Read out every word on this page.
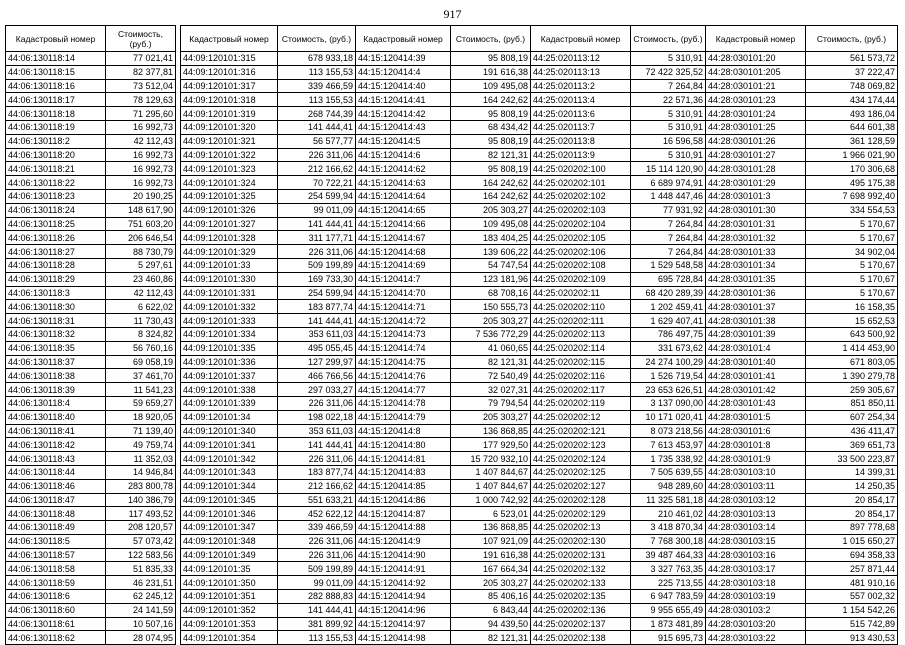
917
Кадастровый номер	Стоимость, (руб.)
44:06:130118:14	77 021,41
44:06:130118:15	82 377,81
44:06:130118:16	73 512,04
44:06:130118:17	78 129,63
44:06:130118:18	71 295,60
44:06:130118:19	16 992,73
44:06:130118:2	42 112,43
44:06:130118:20	16 992,73
44:06:130118:21	16 992,73
44:06:130118:22	16 992,73
44:06:130118:23	20 190,25
44:06:130118:24	148 617,90
44:06:130118:25	751 603,20
44:06:130118:26	206 646,54
44:06:130118:27	88 730,79
44:06:130118:28	5 297,61
44:06:130118:29	23 460,86
44:06:130118:3	42 112,43
44:06:130118:30	6 622,02
44:06:130118:31	11 730,43
44:06:130118:32	8 324,82
44:06:130118:35	56 760,16
44:06:130118:37	69 058,19
44:06:130118:38	37 461,70
44:06:130118:39	11 541,23
44:06:130118:4	59 659,27
44:06:130118:40	18 920,05
44:06:130118:41	71 139,40
44:06:130118:42	49 759,74
44:06:130118:43	11 352,03
44:06:130118:44	14 946,84
44:06:130118:46	283 800,78
44:06:130118:47	140 386,79
44:06:130118:48	117 493,52
44:06:130118:49	208 120,57
44:06:130118:5	57 073,42
44:06:130118:57	122 583,56
44:06:130118:58	51 835,33
44:06:130118:59	46 231,51
44:06:130118:6	62 245,12
44:06:130118:60	24 141,59
44:06:130118:61	10 507,16
44:06:130118:62	28 074,95
Кадастровый номер	Стоимость, (руб.)
44:09:120101:315	678 933,18
44:09:120101:316	113 155,53
44:09:120101:317	339 466,59
44:09:120101:318	113 155,53
44:09:120101:319	268 744,39
44:09:120101:320	141 444,41
44:09:120101:321	56 577,77
44:09:120101:322	226 311,06
44:09:120101:323	212 166,62
44:09:120101:324	70 722,21
44:09:120101:325	254 599,94
44:09:120101:326	99 011,09
44:09:120101:327	141 444,41
44:09:120101:328	311 177,71
44:09:120101:329	226 311,06
44:09:120101:33	509 199,89
44:09:120101:330	169 733,30
44:09:120101:331	254 599,94
44:09:120101:332	183 877,74
44:09:120101:333	141 444,41
44:09:120101:334	353 611,03
44:09:120101:335	495 055,45
44:09:120101:336	127 299,97
44:09:120101:337	466 766,56
44:09:120101:338	297 033,27
44:09:120101:339	226 311,06
44:09:120101:34	198 022,18
44:09:120101:340	353 611,03
44:09:120101:341	141 444,41
44:09:120101:342	226 311,06
44:09:120101:343	183 877,74
44:09:120101:344	212 166,62
44:09:120101:345	551 633,21
44:09:120101:346	452 622,12
44:09:120101:347	339 466,59
44:09:120101:348	226 311,06
44:09:120101:349	226 311,06
44:09:120101:35	509 199,89
44:09:120101:350	99 011,09
44:09:120101:351	282 888,83
44:09:120101:352	141 444,41
44:09:120101:353	381 899,92
44:09:120101:354	113 155,53
Кадастровый номер	Стоимость, (руб.)
44:15:120414:39	95 808,19
44:15:120414:4	191 616,38
44:15:120414:40	109 495,08
44:15:120414:41	164 242,62
44:15:120414:42	95 808,19
44:15:120414:43	68 434,42
44:15:120414:5	95 808,19
44:15:120414:6	82 121,31
44:15:120414:62	95 808,19
44:15:120414:63	164 242,62
44:15:120414:64	164 242,62
44:15:120414:65	205 303,27
44:15:120414:66	109 495,08
44:15:120414:67	183 404,25
44:15:120414:68	139 606,22
44:15:120414:69	54 747,54
44:15:120414:7	123 181,96
44:15:120414:70	68 708,16
44:15:120414:71	150 555,73
44:15:120414:72	205 303,27
44:15:120414:73	7 536 772,29
44:15:120414:74	41 060,65
44:15:120414:75	82 121,31
44:15:120414:76	72 540,49
44:15:120414:77	32 027,31
44:15:120414:78	79 794,54
44:15:120414:79	205 303,27
44:15:120414:8	136 868,85
44:15:120414:80	177 929,50
44:15:120414:81	15 720 932,10
44:15:120414:83	1 407 844,67
44:15:120414:85	1 407 844,67
44:15:120414:86	1 000 742,92
44:15:120414:87	6 523,01
44:15:120414:88	136 868,85
44:15:120414:9	107 921,09
44:15:120414:90	191 616,38
44:15:120414:91	167 664,34
44:15:120414:92	205 303,27
44:15:120414:94	85 406,16
44:15:120414:96	6 843,44
44:15:120414:97	94 439,50
44:15:120414:98	82 121,31
Кадастровый номер	Стоимость, (руб.)
44:25:020113:12	5 310,91
44:25:020113:13	72 422 325,52
44:25:020113:2	7 264,84
44:25:020113:4	22 571,36
44:25:020113:6	5 310,91
44:25:020113:7	5 310,91
44:25:020113:8	16 596,58
44:25:020113:9	5 310,91
44:25:020202:100	15 114 120,90
44:25:020202:101	6 689 974,91
44:25:020202:102	1 448 447,46
44:25:020202:103	77 931,92
44:25:020202:104	7 264,84
44:25:020202:105	7 264,84
44:25:020202:106	7 264,84
44:25:020202:108	1 529 548,58
44:25:020202:109	695 728,84
44:25:020202:11	68 420 289,39
44:25:020202:110	1 202 459,41
44:25:020202:111	1 629 407,41
44:25:020202:113	786 497,75
44:25:020202:114	331 673,62
44:25:020202:115	24 274 100,29
44:25:020202:116	1 526 719,54
44:25:020202:117	23 653 626,51
44:25:020202:119	3 137 090,00
44:25:020202:12	10 171 020,41
44:25:020202:121	8 073 218,56
44:25:020202:123	7 613 453,97
44:25:020202:124	1 735 338,92
44:25:020202:125	7 505 639,55
44:25:020202:127	948 289,60
44:25:020202:128	11 325 581,18
44:25:020202:129	210 461,02
44:25:020202:13	3 418 870,34
44:25:020202:130	7 768 300,18
44:25:020202:131	39 487 464,33
44:25:020202:132	3 327 763,35
44:25:020202:133	225 713,55
44:25:020202:135	6 947 783,59
44:25:020202:136	9 955 655,49
44:25:020202:137	1 873 481,89
44:25:020202:138	915 695,73
Кадастровый номер	Стоимость, (руб.)
44:28:030101:20	561 573,72
44:28:030101:205	37 222,47
44:28:030101:21	748 069,82
44:28:030101:23	434 174,44
44:28:030101:24	493 186,04
44:28:030101:25	644 601,38
44:28:030101:26	361 128,59
44:28:030101:27	1 966 021,90
44:28:030101:28	170 306,68
44:28:030101:29	495 175,38
44:28:030101:3	7 698 992,40
44:28:030101:30	334 554,53
44:28:030101:31	5 170,67
44:28:030101:32	5 170,67
44:28:030101:33	34 902,04
44:28:030101:34	5 170,67
44:28:030101:35	5 170,67
44:28:030101:36	5 170,67
44:28:030101:37	16 158,35
44:28:030101:38	15 652,53
44:28:030101:39	643 500,92
44:28:030101:4	1 414 453,90
44:28:030101:40	671 803,05
44:28:030101:41	1 390 279,78
44:28:030101:42	259 305,67
44:28:030101:43	851 850,11
44:28:030101:5	607 254,34
44:28:030101:6	436 411,47
44:28:030101:8	369 651,73
44:28:030101:9	33 500 223,87
44:28:030103:10	14 399,31
44:28:030103:11	14 250,35
44:28:030103:12	20 854,17
44:28:030103:13	20 854,17
44:28:030103:14	897 778,68
44:28:030103:15	1 015 650,27
44:28:030103:16	694 358,33
44:28:030103:17	257 871,44
44:28:030103:18	481 910,16
44:28:030103:19	557 002,32
44:28:030103:2	1 154 542,26
44:28:030103:20	515 742,89
44:28:030103:22	913 430,53
